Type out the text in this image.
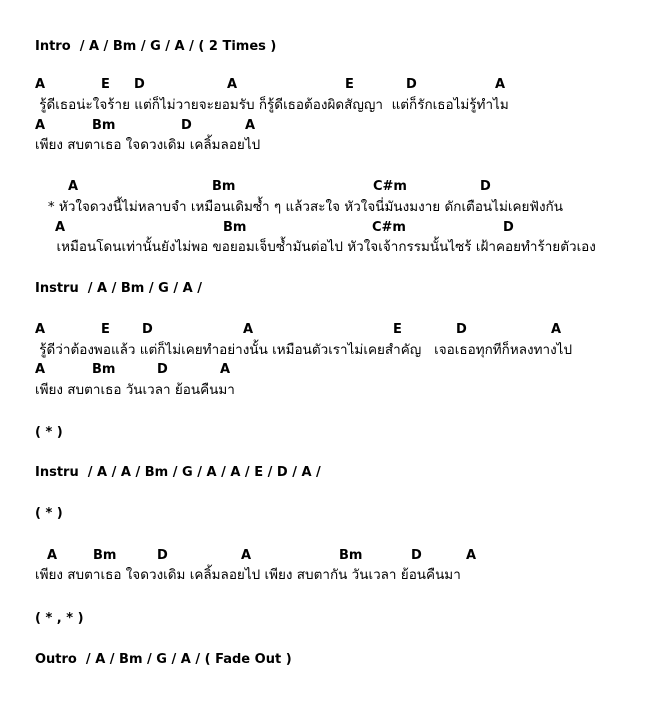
Intro  / A / Bm / G / A / ( 2 Times )
A	E D	A	E	D	A
รู้ดีเธอน่ะใจร้าย แต่ก็ไม่วายจะยอมรับ ก็รู้ดีเธอต้องผิดสัญญา  แต่ก็รักเธอไม่รู้ทำไม
A	Bm	D	A
เพียง สบตาเธอ ใจดวงเดิม เคลิ้มลอยไป
A	Bm	C#m	D
* หัวใจดวงนี้ไม่หลาบจำ เหมือนเดิมซ้ำ ๆ แล้วสะใจ หัวใจนี่มันงมงาย ดักเตือนไม่เคยฟังกัน
A	Bm	C#m	D
เหมือนโดนเท่านั้นยังไม่พอ ขอยอมเจ็บซ้ำมันต่อไป หัวใจเจ้ากรรมนั้นไซร้ เฝ้าคอยทำร้ายตัวเอง
Instru  / A / Bm / G / A /
A	E D	A	E	D	A
รู้ดีว่าต้องพอแล้ว แต่ก็ไม่เคยทำอย่างนั้น เหมือนตัวเราไม่เคยสำคัญ   เจอเธอทุกทีก็หลงทางไป
A	Bm	D	A
เพียง สบตาเธอ วันเวลา ย้อนคืนมา
( * )
Instru  / A / A / Bm / G / A / A / E / D / A /
( * )
A	Bm	D	A	Bm	D	A
เพียง สบตาเธอ ใจดวงเดิม เคลิ้มลอยไป เพียง สบตากัน วันเวลา ย้อนคืนมา
( * , * )
Outro  / A / Bm / G / A / ( Fade Out )
